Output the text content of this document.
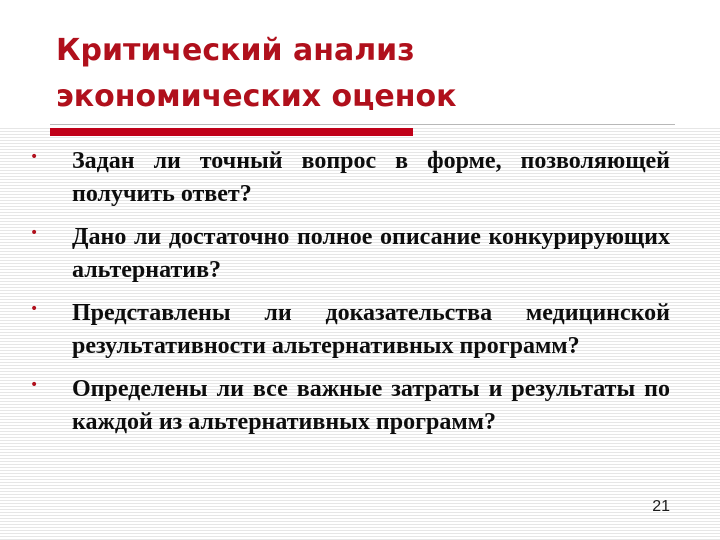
Критический анализ
экономических оценок
• Задан ли точный вопрос в форме, позволяющей получить ответ?
• Дано ли достаточно полное описание конкурирующих альтернатив?
• Представлены ли доказательства медицинской результативности альтернативных программ?
• Определены ли все важные затраты и результаты по каждой из альтернативных программ?
21
